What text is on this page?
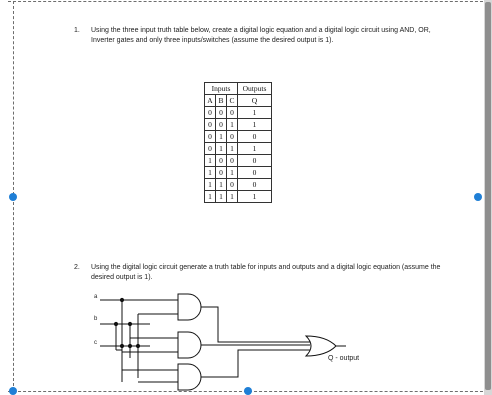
1. Using the three input truth table below, create a digital logic equation and a digital logic circuit using AND, OR, Inverter gates and only three inputs/switches (assume the desired output is 1).
Inputs			Outputs
A	B	C	Q
0	0	0	1
0	0	1	1
0	1	0	0
0	1	1	1
1	0	0	0
1	0	1	0
1	1	0	0
1	1	1	1
2. Using the digital logic circuit generate a truth table for inputs and outputs and a digital logic equation (assume the desired output is 1).
a
b
c
Q - output
